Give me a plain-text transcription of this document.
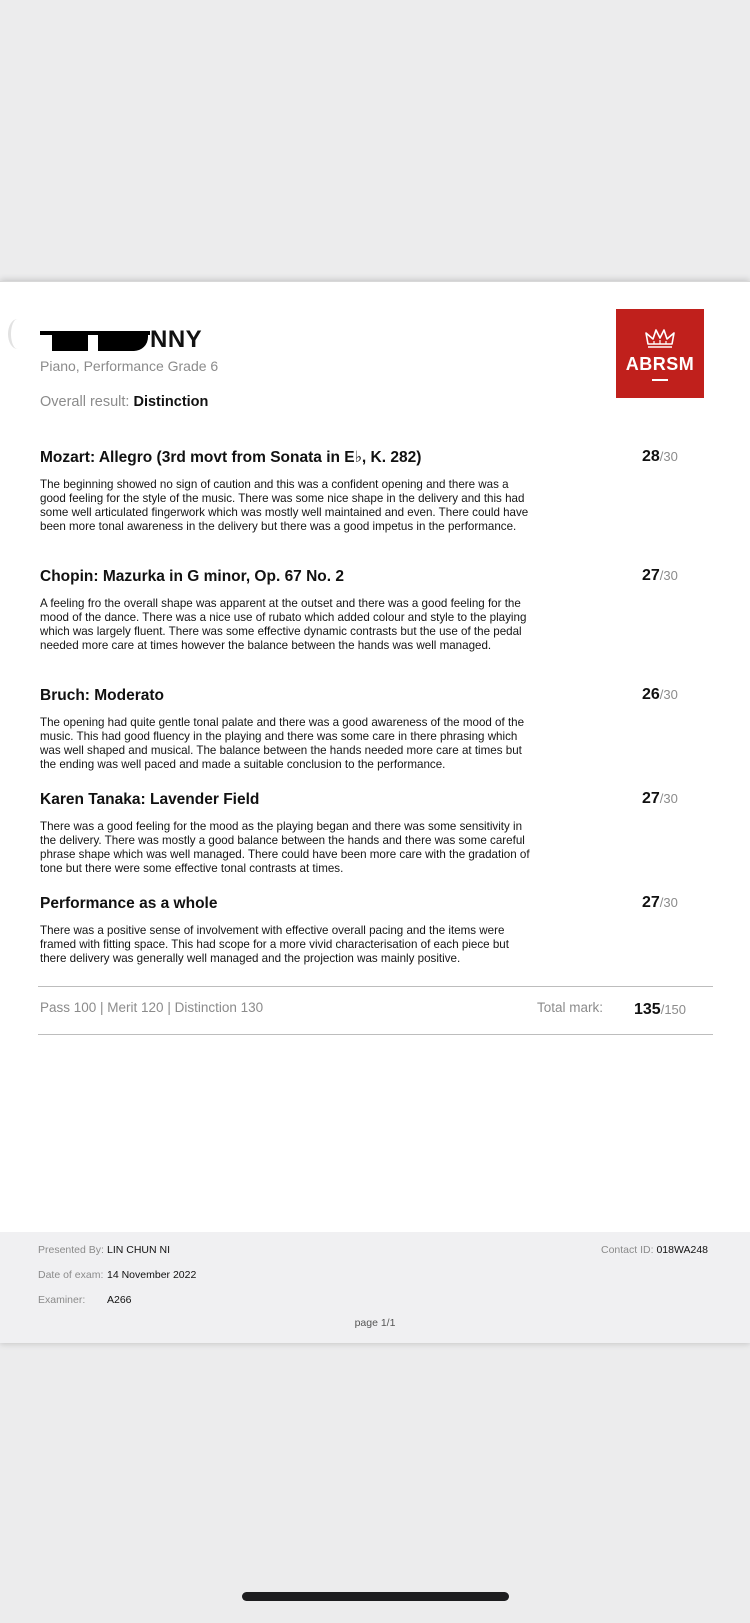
NNY
Piano, Performance Grade 6
Overall result: Distinction
ABRSM
Mozart: Allegro (3rd movt from Sonata in E♭, K. 282)	28/30
The beginning showed no sign of caution and this was a confident opening and there was a good feeling for the style of the music. There was some nice shape in the delivery and this had some well articulated fingerwork which was mostly well maintained and even. There could have been more tonal awareness in the delivery but there was a good impetus in the performance.
Chopin: Mazurka in G minor, Op. 67 No. 2	27/30
A feeling fro the overall shape was apparent at the outset and there was a good feeling for the mood of the dance. There was a nice use of rubato which added colour and style to the playing which was largely fluent. There was some effective dynamic contrasts but the use of the pedal needed more care at times however the balance between the hands was well managed.
Bruch: Moderato	26/30
The opening had quite gentle tonal palate and there was a good awareness of the mood of the music. This had good fluency in the playing and there was some care in there phrasing which was well shaped and musical. The balance between the hands needed more care at times but the ending was well paced and made a suitable conclusion to the performance.
Karen Tanaka: Lavender Field	27/30
There was a good feeling for the mood as the playing began and there was some sensitivity in the delivery. There was mostly a good balance between the hands and there was some careful phrase shape which was well managed. There could have been more care with the gradation of tone but there were some effective tonal contrasts at times.
Performance as a whole	27/30
There was a positive sense of involvement with effective overall pacing and the items were framed with fitting space. This had scope for a more vivid characterisation of each piece but there delivery was generally well managed and the projection was mainly positive.
Pass 100 | Merit 120 | Distinction 130	Total mark: 135/150
Presented By: LIN CHUN NI
Date of exam: 14 November 2022
Examiner: A266
Contact ID: 018WA248
page 1/1
